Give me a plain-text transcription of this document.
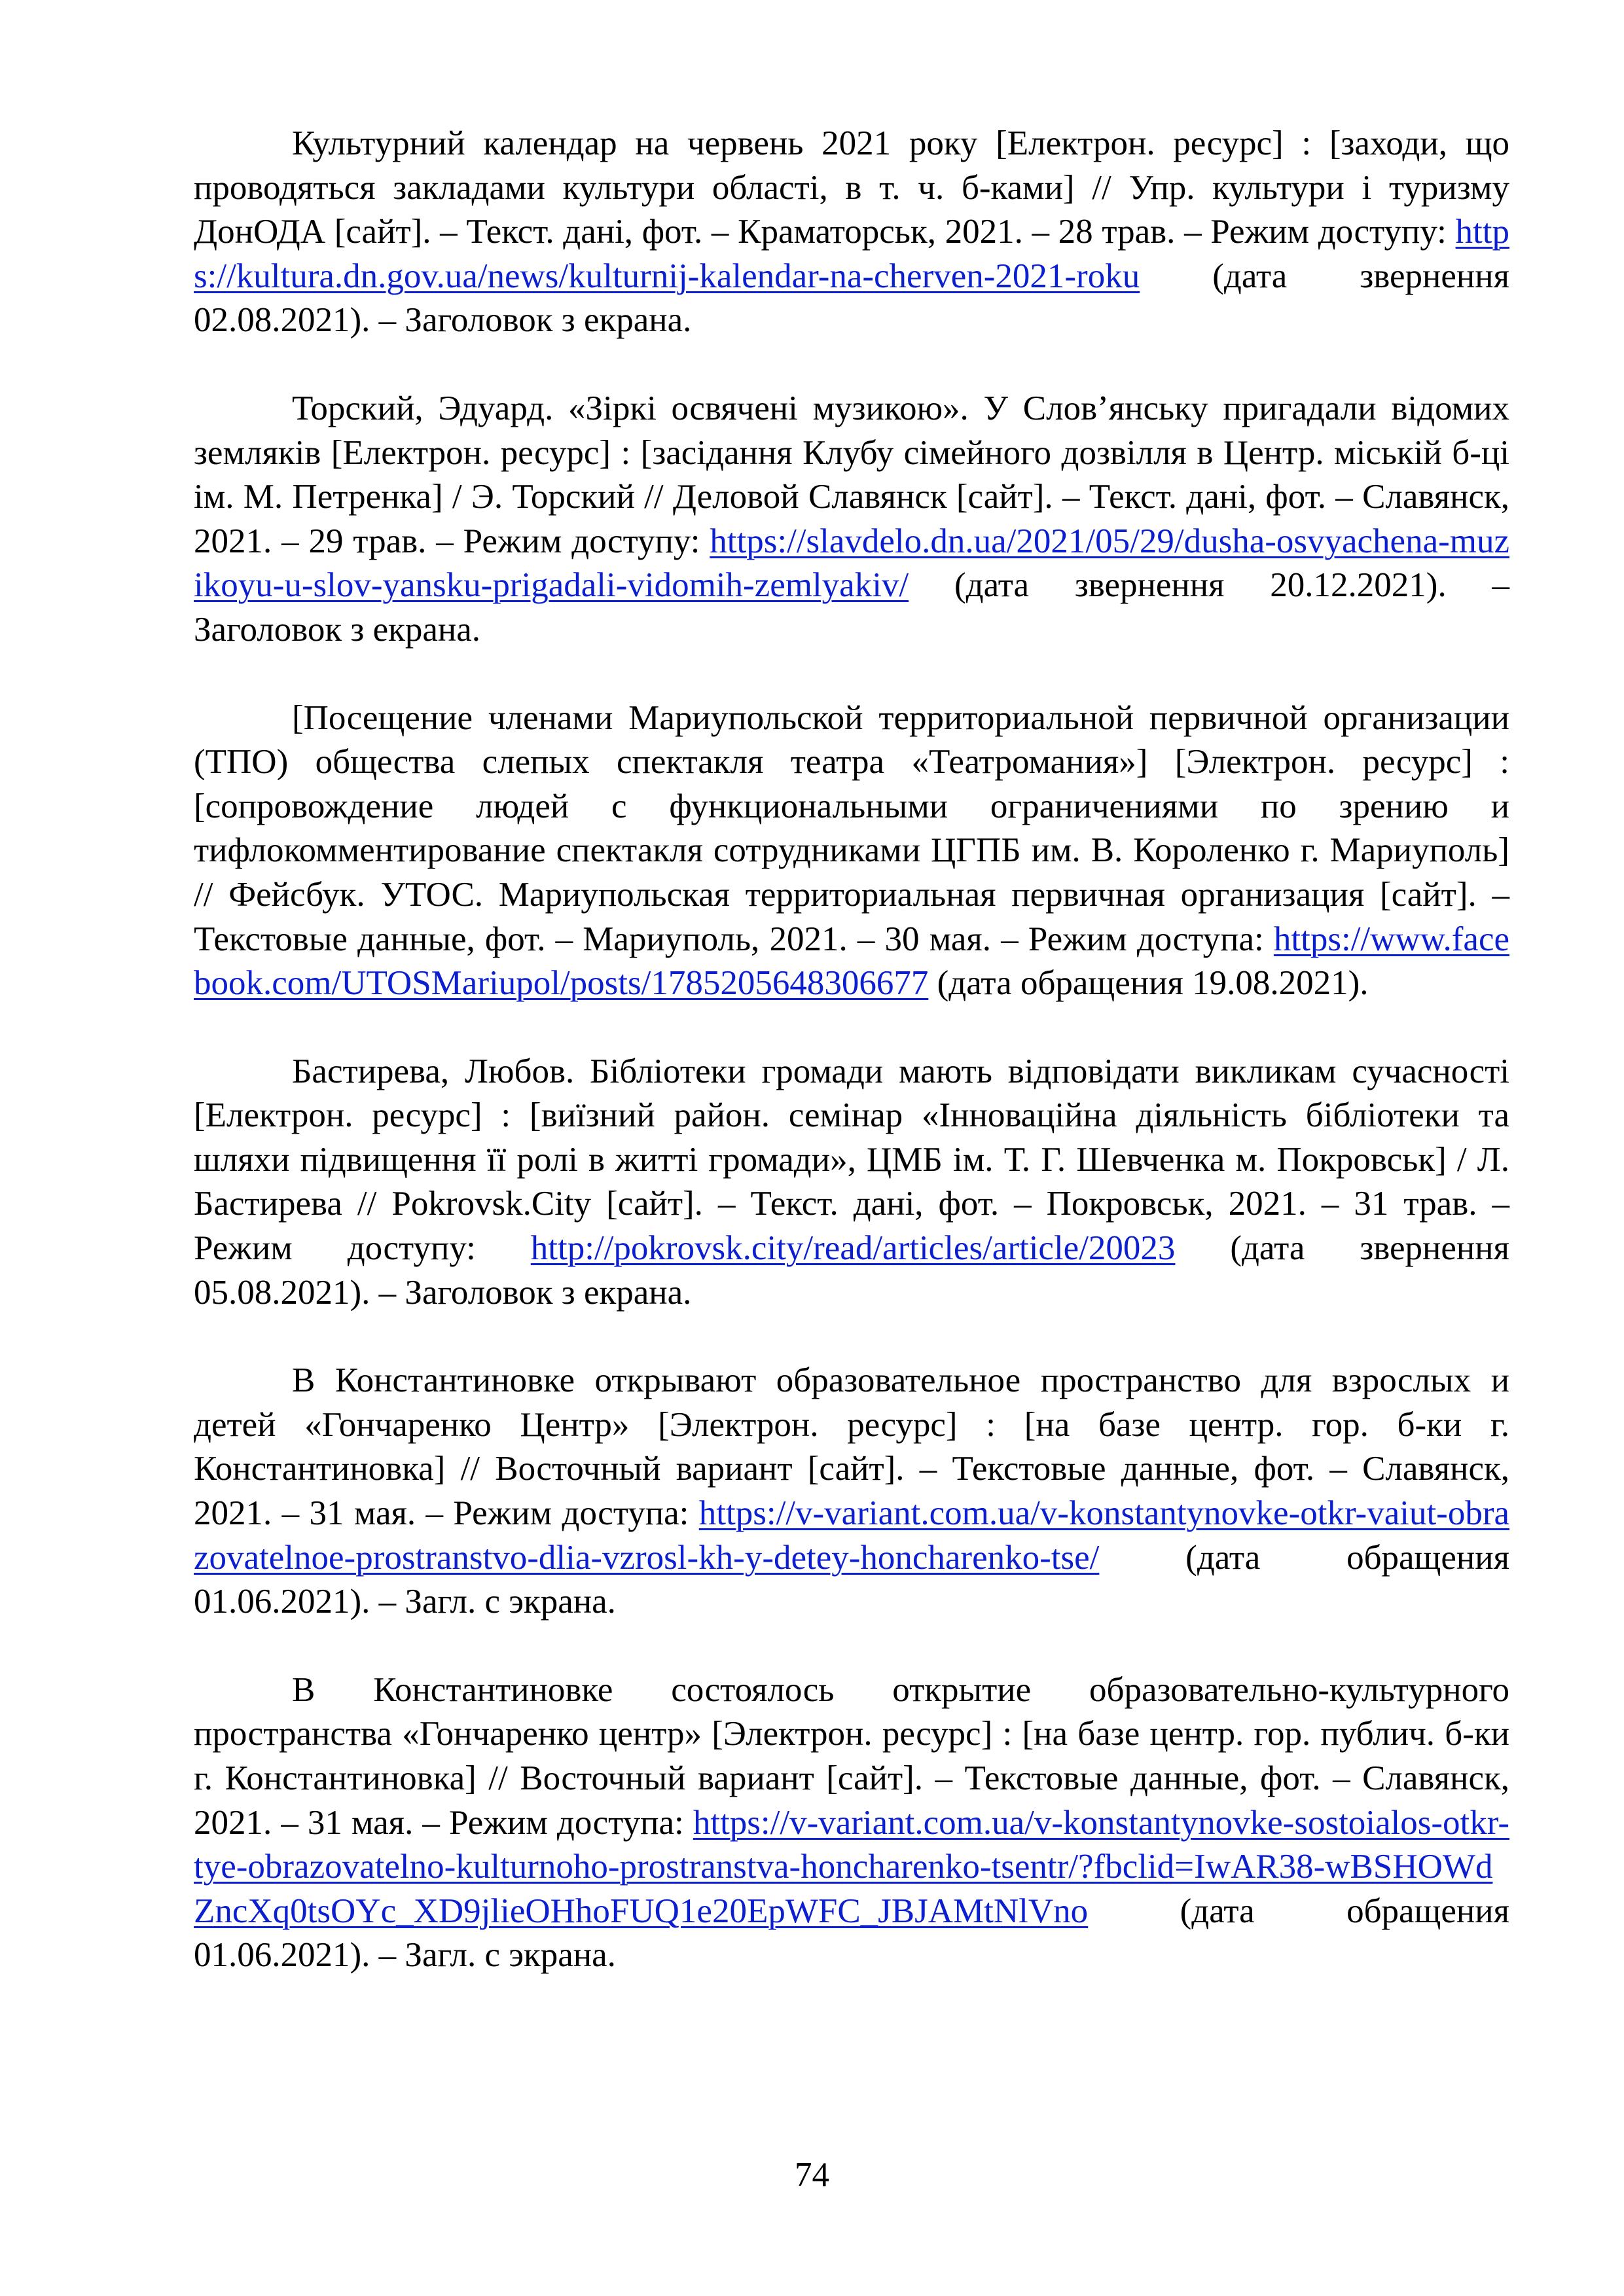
Культурний календар на червень 2021 року [Електрон. ресурс] : [заходи, що проводяться закладами культури області, в т. ч. б-ками] // Упр. культури і туризму ДонОДА [сайт]. – Текст. дані, фот. – Краматорськ, 2021. – 28 трав. – Режим доступу: https://kultura.dn.gov.ua/news/kulturnij-kalendar-na-cherven-2021-roku (дата звернення 02.08.2021). – Заголовок з екрана.

Торский, Эдуард. «Зіркі освячені музикою». У Слов’янську пригадали відомих земляків [Електрон. ресурс] : [засідання Клубу сімейного дозвілля в Центр. міській б-ці ім. М. Петренка] / Э. Торский // Деловой Славянск [сайт]. – Текст. дані, фот. – Славянск, 2021. – 29 трав. – Режим доступу: https://slavdelo.dn.ua/2021/05/29/dusha-osvyachena-muzikoyu-u-slov-yansku-prigadali-vidomih-zemlyakiv/ (дата звернення 20.12.2021). – Заголовок з екрана.

[Посещение членами Мариупольской территориальной первичной организации (ТПО) общества слепых спектакля театра «Театромания»] [Электрон. ресурс] : [сопровождение людей с функциональными ограничениями по зрению и тифлокомментирование спектакля сотрудниками ЦГПБ им. В. Короленко г. Мариуполь] // Фейсбук. УТОС. Мариупольская территориальная первичная организация [сайт]. – Текстовые данные, фот. – Мариуполь, 2021. – 30 мая. – Режим доступа: https://www.facebook.com/UTOSMariupol/posts/1785205648306677 (дата обращения 19.08.2021).

Бастирева, Любов. Бібліотеки громади мають відповідати викликам сучасності [Електрон. ресурс] : [виїзний район. семінар «Інноваційна діяльність бібліотеки та шляхи підвищення її ролі в житті громади», ЦМБ ім. Т. Г. Шевченка м. Покровськ] / Л. Бастирева // Pokrovsk.City [сайт]. – Текст. дані, фот. – Покровськ, 2021. – 31 трав. – Режим доступу: http://pokrovsk.city/read/articles/article/20023 (дата звернення 05.08.2021). – Заголовок з екрана.

В Константиновке открывают образовательное пространство для взрослых и детей «Гончаренко Центр» [Электрон. ресурс] : [на базе центр. гор. б-ки г. Константиновка] // Восточный вариант [сайт]. – Текстовые данные, фот. – Славянск, 2021. – 31 мая. – Режим доступа: https://v-variant.com.ua/v-konstantynovke-otkr-vaiut-obrazovatelnoe-prostranstvo-dlia-vzrosl-kh-y-detey-honcharenko-tse/ (дата обращения 01.06.2021). – Загл. с экрана.

В Константиновке состоялось открытие образовательно-культурного пространства «Гончаренко центр» [Электрон. ресурс] : [на базе центр. гор. публич. б-ки г. Константиновка] // Восточный вариант [сайт]. – Текстовые данные, фот. – Славянск, 2021. – 31 мая. – Режим доступа: https://v-variant.com.ua/v-konstantynovke-sostoialos-otkr-tye-obrazovatelno-kulturnoho-prostranstva-honcharenko-tsentr/?fbclid=IwAR38-wBSHOWdZncXq0tsOYc_XD9jlieOHhoFUQ1e20EpWFC_JBJAMtNlVno (дата обращения 01.06.2021). – Загл. с экрана.

74
